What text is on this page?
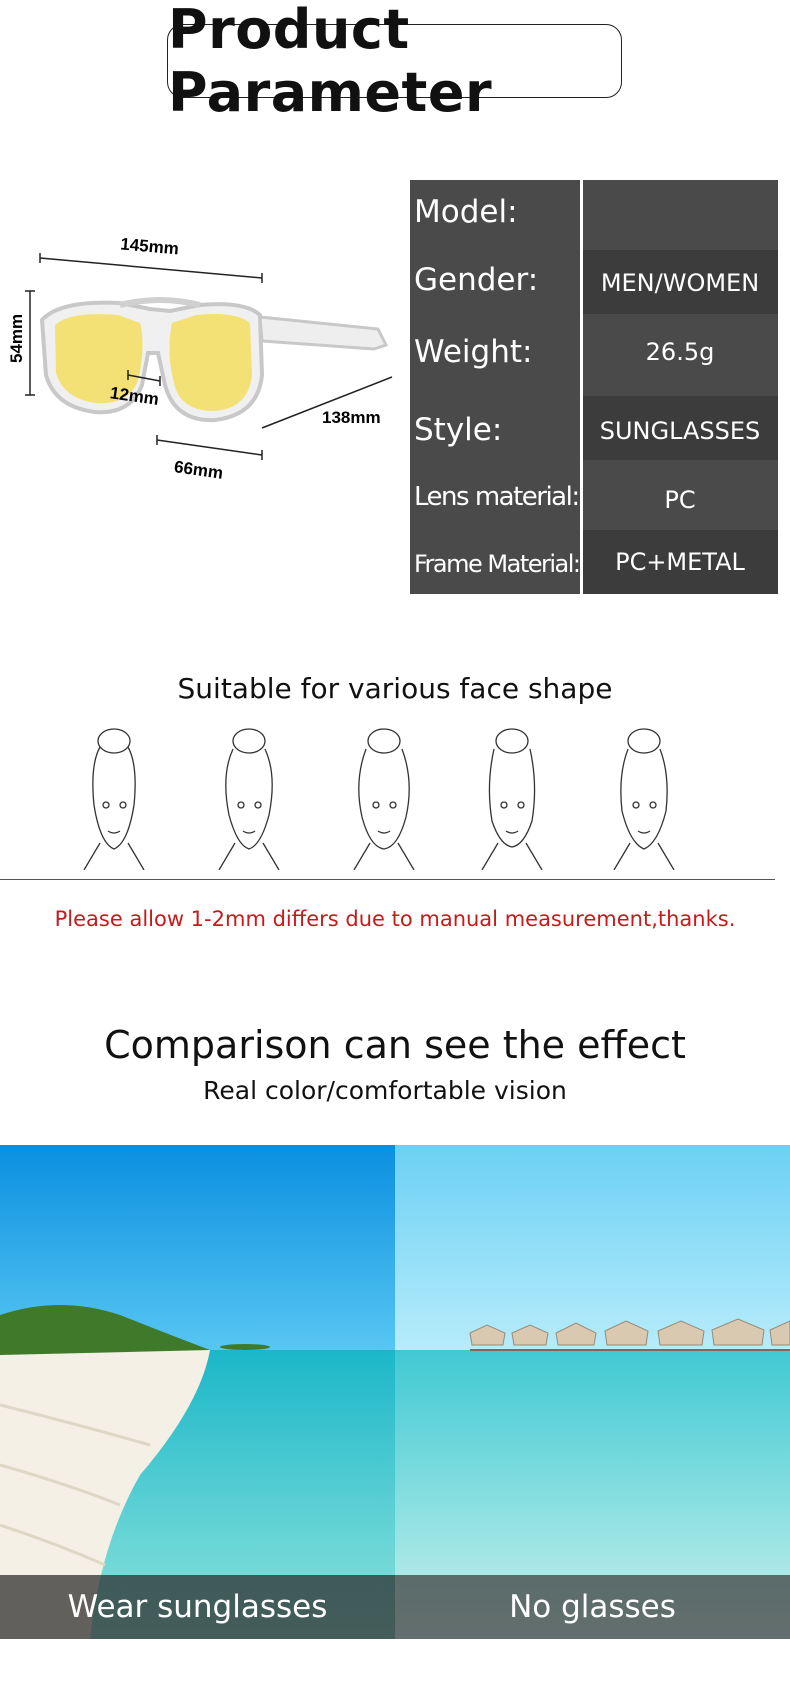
Product Parameter
145mm
54mm
12mm
138mm
66mm
Model:
Gender:	MEN/WOMEN
Weight:	26.5g
Style:	SUNGLASSES
Lens material:	PC
Frame Material:	PC+METAL
Suitable for various face shape
Please allow 1-2mm differs due to manual measurement,thanks.
Comparison can see the effect
Real color/comfortable vision
Wear sunglasses	No glasses
